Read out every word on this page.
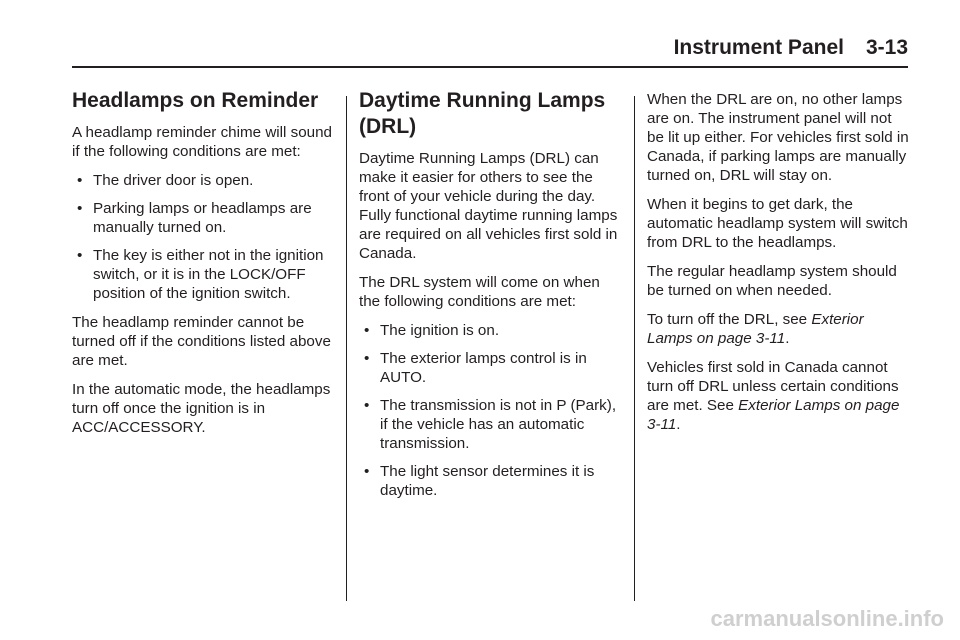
Instrument Panel 3-13
Headlamps on Reminder

A headlamp reminder chime will sound if the following conditions are met:

• The driver door is open.
• Parking lamps or headlamps are manually turned on.
• The key is either not in the ignition switch, or it is in the LOCK/OFF position of the ignition switch.

The headlamp reminder cannot be turned off if the conditions listed above are met.

In the automatic mode, the headlamps turn off once the ignition is in ACC/ACCESSORY.

Daytime Running Lamps (DRL)

Daytime Running Lamps (DRL) can make it easier for others to see the front of your vehicle during the day. Fully functional daytime running lamps are required on all vehicles first sold in Canada.

The DRL system will come on when the following conditions are met:

• The ignition is on.
• The exterior lamps control is in AUTO.
• The transmission is not in P (Park), if the vehicle has an automatic transmission.
• The light sensor determines it is daytime.

When the DRL are on, no other lamps are on. The instrument panel will not be lit up either. For vehicles first sold in Canada, if parking lamps are manually turned on, DRL will stay on.

When it begins to get dark, the automatic headlamp system will switch from DRL to the headlamps.

The regular headlamp system should be turned on when needed.

To turn off the DRL, see Exterior Lamps on page 3-11.

Vehicles first sold in Canada cannot turn off DRL unless certain conditions are met. See Exterior Lamps on page 3-11.

carmanualsonline.info
